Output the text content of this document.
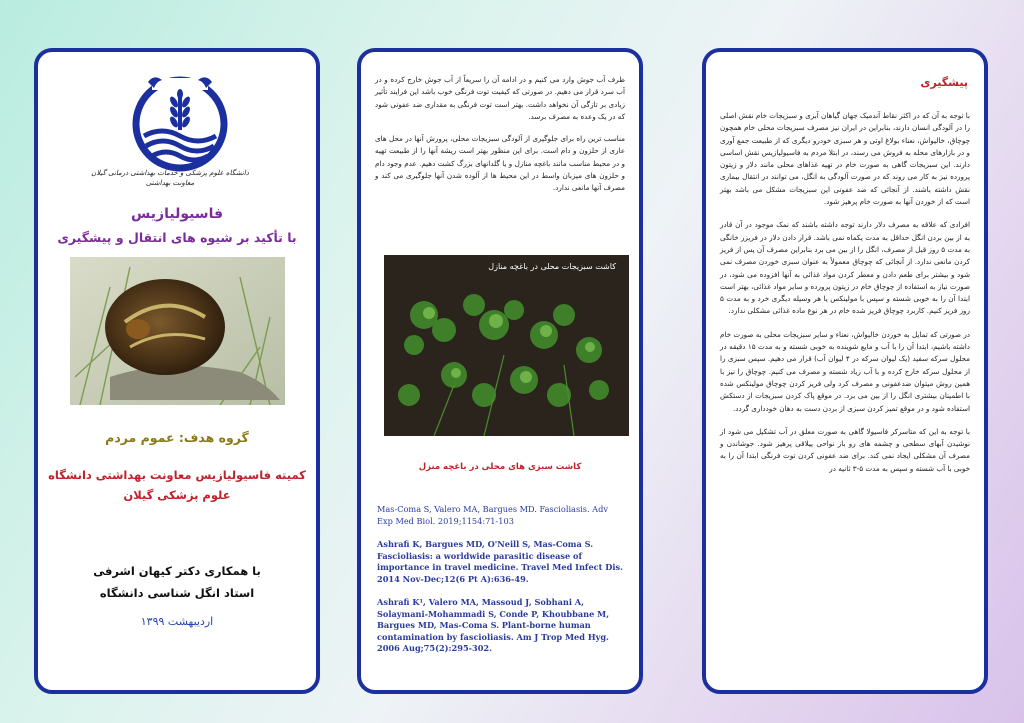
دانشگاه علوم پزشکی و خدمات بهداشتی درمانی گیلان معاونت بهداشتی
فاسیولیازیس
با تأکید بر شیوه های انتقال و پیشگیری
گروه هدف: عموم مردم
کمیته فاسیولیازیس معاونت بهداشتی دانشگاه
علوم پزشکی گیلان
با همکاری دکتر کیهان اشرفی
استاد انگل شناسی دانشگاه
اردیبهشت ۱۳۹۹

ظرف آب جوش وارد می کنیم و در ادامه آن را سریعاً از آب جوش خارج کرده و در آب سرد قرار می دهیم. در صورتی که کیفیت توت فرنگی خوب باشد این فرایند تأثیر زیادی بر تازگی آن نخواهد داشت. بهتر است توت فرنگی به مقداری ضد عفونی شود که در یک وعده به مصرف برسد.

مناسب ترین راه برای جلوگیری از آلودگی سبزیجات محلی، پرورش آنها در محل های عاری از حلزون و دام است. برای این منظور بهتر است ریشه آنها را از طبیعت تهیه و در محیط مناسب مانند باغچه منازل و یا گلدانهای بزرگ کشت دهیم. عدم وجود دام و حلزون های میزبان واسط در این محیط ها از آلوده شدن آنها جلوگیری می کند و مصرف آنها مانعی ندارد.

کاشت سبزیجات محلی در باغچه منازل
کاشت سبزی های محلی در باغچه منزل

Mas-Coma S, Valero MA, Bargues MD. Fascioliasis. Adv Exp Med Biol. 2019;1154:71-103

Ashrafi K, Bargues MD, O'Neill S, Mas-Coma S. Fascioliasis: a worldwide parasitic disease of importance in travel medicine. Travel Med Infect Dis. 2014 Nov-Dec;12(6 Pt A):636-49.

Ashrafi K¹, Valero MA, Massoud J, Sobhani A, Solaymani-Mohammadi S, Conde P, Khoubbane M, Bargues MD, Mas-Coma S. Plant-borne human contamination by fascioliasis. Am J Trop Med Hyg. 2006 Aug;75(2):295-302.

پیشگیری

با توجه به آن که در اکثر نقاط آندمیک جهان گیاهان آبزی و سبزیجات خام نقش اصلی را در آلودگی انسان دارند، بنابراین در ایران نیز مصرف سبزیجات محلی خام همچون چوچاق، خالیواش، نعناء بولاغ اوتی و هر سبزی خودرو دیگری که از طبیعت جمع آوری و در بازارهای محله به فروش می رسند، در ابتلا مردم به فاسیولیازیس نقش اساسی دارند. این سبزیجات گاهی به صورت خام در تهیه غذاهای محلی مانند دلار و زیتون پرورده نیز به کار می روند که در صورت آلودگی به انگل، می توانند در انتقال بیماری نقش داشته باشند. از آنجائی که ضد عفونی این سبزیجات مشکل می باشد بهتر است که از خوردن آنها به صورت خام پرهیز شود.

افرادی که علاقه به مصرف دلار دارند توجه داشته باشند که نمک موجود در آن قادر به از بین بردن انگل حداقل به مدت یکماه نمی باشد. قرار دادن دلار در فریزر خانگی به مدت ۵ روز قبل از مصرف، انگل را از بین می برد بنابراین مصرف آن پس از فریز کردن مانعی ندارد. از آنجائی که چوچاق معمولاً به عنوان سبزی خوردن مصرف نمی شود و بیشتر برای طعم دادن و معطر کردن مواد غذائی به آنها افزوده می شود، در صورت نیاز به استفاده از چوچاق خام در زیتون پرورده و سایر مواد غذائی، بهتر است ابتدا آن را به خوبی شسته و سپس با مولینکس یا هر وسیله دیگری خرد و به مدت ۵ روز فریز کنیم. کاربرد چوچاق فریز شده خام در هر نوع ماده غذائی مشکلی ندارد.

در صورتی که تمایل به خوردن خالیواش، نعناء و سایر سبزیجات محلی به صورت خام داشته باشیم، ابتدا آن را با آب و مایع شوینده به خوبی شسته و به مدت ۱۵ دقیقه در محلول سرکه سفید (یک لیوان سرکه در ۴ لیوان آب) قرار می دهیم. سپس سبزی را از محلول سرکه خارج کرده و با آب زیاد شسته و مصرف می کنیم. چوچاق را نیز با همین روش میتوان ضدعفونی و مصرف کرد ولی فریز کردن چوچاق مولینکس شده با اطمینان بیشتری انگل را از بین می برد. در موقع پاک کردن سبزیجات از دستکش استفاده شود و در موقع تمیز کردن سبزی از بردن دست به دهان خودداری گردد.

با توجه به این که متاسرکر فاسیولا گاهی به صورت معلق در آب تشکیل می شود از نوشیدن آبهای سطحی و چشمه های رو باز نواحی ییلاقی پرهیز شود. جوشاندن و مصرف آن مشکلی ایجاد نمی کند. برای ضد عفونی کردن توت فرنگی ابتدا آن را به خوبی با آب شسته و سپس به مدت ۵-۳ ثانیه در
